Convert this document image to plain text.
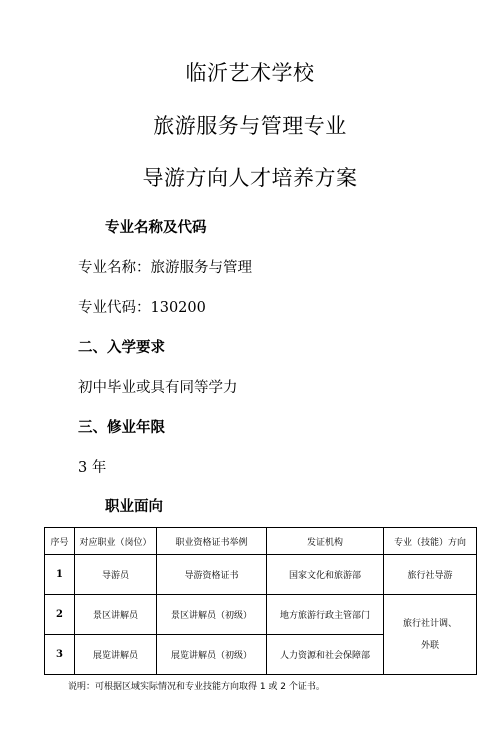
临沂艺术学校
旅游服务与管理专业
导游方向人才培养方案
专业名称及代码
专业名称：旅游服务与管理
专业代码：130200
二、入学要求
初中毕业或具有同等学力
三、修业年限
3 年
职业面向
序号	对应职业（岗位）	职业资格证书举例	发证机构	专业（技能）方向
1	导游员	导游资格证书	国家文化和旅游部	旅行社导游
2	景区讲解员	景区讲解员（初级）	地方旅游行政主管部门	旅行社计调、
外联

3	展览讲解员	展览讲解员（初级）	人力资源和社会保障部	
说明：可根据区域实际情况和专业技能方向取得 1 或 2 个证书。
